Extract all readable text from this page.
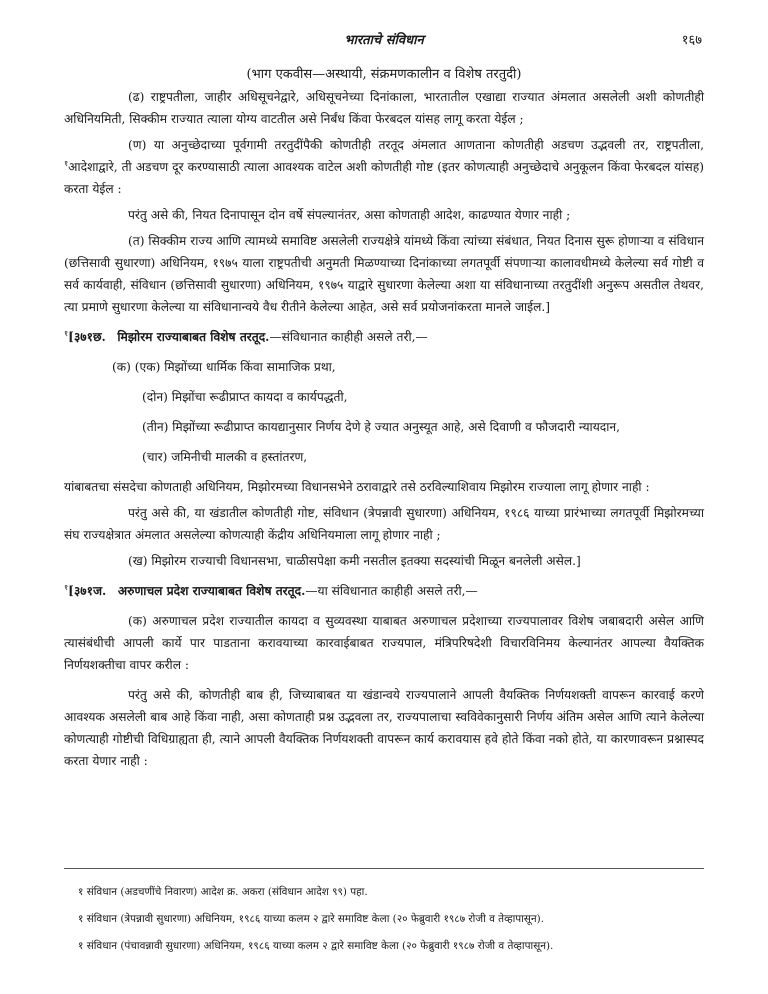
भारताचे संविधान	१६७
(भाग एकवीस—अस्थायी, संक्रमणकालीन व विशेष तरतुदी)

(ढ) राष्ट्रपतीला, जाहीर अधिसूचनेद्वारे, अधिसूचनेच्या दिनांकाला, भारतातील एखाद्या राज्यात अंमलात असलेली अशी कोणतीही अधिनियमिती, सिक्कीम राज्यात त्याला योग्य वाटतील असे निर्बंध किंवा फेरबदल यांसह लागू करता येईल ;

(ण) या अनुच्छेदाच्या पूर्वगामी तरतुदींपैकी कोणतीही तरतूद अंमलात आणताना कोणतीही अडचण उद्भवली तर, राष्ट्रपतीला, $^१$आदेशाद्वारे, ती अडचण दूर करण्यासाठी त्याला आवश्यक वाटेल अशी कोणतीही गोष्ट (इतर कोणत्याही अनुच्छेदाचे अनुकूलन किंवा फेरबदल यांसह) करता येईल :

परंतु असे की, नियत दिनापासून दोन वर्षे संपल्यानंतर, असा कोणताही आदेश, काढण्यात येणार नाही ;

(त) सिक्कीम राज्य आणि त्यामध्ये समाविष्ट असलेली राज्यक्षेत्रे यांमध्ये किंवा त्यांच्या संबंधात, नियत दिनास सुरू होणाऱ्या व संविधान (छत्तिसावी सुधारणा) अधिनियम, १९७५ याला राष्ट्रपतीची अनुमती मिळण्याच्या दिनांकाच्या लगतपूर्वी संपणाऱ्या कालावधीमध्ये केलेल्या सर्व गोष्टी व सर्व कार्यवाही, संविधान (छत्तिसावी सुधारणा) अधिनियम, १९७५ याद्वारे सुधारणा केलेल्या अशा या संविधानाच्या तरतुदींशी अनुरूप असतील तेथवर, त्या प्रमाणे सुधारणा केलेल्या या संविधानान्वये वैध रीतीने केलेल्या आहेत, असे सर्व प्रयोजनांकरता मानले जाईल.]

$^१$[३७१छ. मिझोरम राज्याबाबत विशेष तरतूद.—संविधानात काहीही असले तरी,—

(क) (एक) मिझोंच्या धार्मिक किंवा सामाजिक प्रथा,

(दोन) मिझोंचा रूढीप्राप्त कायदा व कार्यपद्धती,

(तीन) मिझोंच्या रूढीप्राप्त कायद्यानुसार निर्णय देणे हे ज्यात अनुस्यूत आहे, असे दिवाणी व फौजदारी न्यायदान,

(चार) जमिनीची मालकी व हस्तांतरण,

यांबाबतचा संसदेचा कोणताही अधिनियम, मिझोरमच्या विधानसभेने ठरावाद्वारे तसे ठरविल्याशिवाय मिझोरम राज्याला लागू होणार नाही :

परंतु असे की, या खंडातील कोणतीही गोष्ट, संविधान (त्रेपन्नावी सुधारणा) अधिनियम, १९८६ याच्या प्रारंभाच्या लगतपूर्वी मिझोरमच्या संघ राज्यक्षेत्रात अंमलात असलेल्या कोणत्याही केंद्रीय अधिनियमाला लागू होणार नाही ;

(ख) मिझोरम राज्याची विधानसभा, चाळीसपेक्षा कमी नसतील इतक्या सदस्यांची मिळून बनलेली असेल.]

$^१$[३७१ज. अरुणाचल प्रदेश राज्याबाबत विशेष तरतूद.—या संविधानात काहीही असले तरी,—

(क) अरुणाचल प्रदेश राज्यातील कायदा व सुव्यवस्था याबाबत अरुणाचल प्रदेशाच्या राज्यपालावर विशेष जबाबदारी असेल आणि त्यासंबंधीची आपली कार्ये पार पाडताना करावयाच्या कारवाईबाबत राज्यपाल, मंत्रिपरिषदेशी विचारविनिमय केल्यानंतर आपल्या वैयक्तिक निर्णयशक्तीचा वापर करील :

परंतु असे की, कोणतीही बाब ही, जिच्याबाबत या खंडान्वये राज्यपालाने आपली वैयक्तिक निर्णयशक्ती वापरून कारवाई करणे आवश्यक असलेली बाब आहे किंवा नाही, असा कोणताही प्रश्न उद्भवला तर, राज्यपालाचा स्वविवेकानुसारी निर्णय अंतिम असेल आणि त्याने केलेल्या कोणत्याही गोष्टीची विधिग्राह्यता ही, त्याने आपली वैयक्तिक निर्णयशक्ती वापरून कार्य करावयास हवे होते किंवा नको होते, या कारणावरून प्रश्नास्पद करता येणार नाही :

१ संविधान (अडचणींचे निवारण) आदेश क्र. अकरा (संविधान आदेश ९९) पहा.

१ संविधान (त्रेपन्नावी सुधारणा) अधिनियम, १९८६ याच्या कलम २ द्वारे समाविष्ट केला (२० फेब्रुवारी १९८७ रोजी व तेव्हापासून).

१ संविधान (पंचावन्नावी सुधारणा) अधिनियम, १९८६ याच्या कलम २ द्वारे समाविष्ट केला (२० फेब्रुवारी १९८७ रोजी व तेव्हापासून).
